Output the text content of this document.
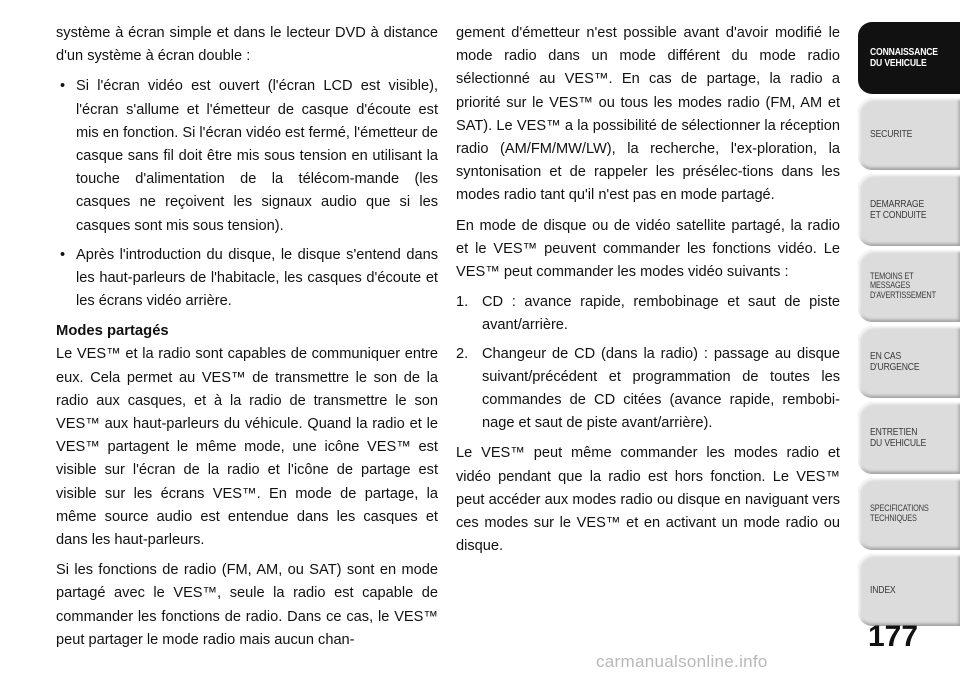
système à écran simple et dans le lecteur DVD à distance d'un système à écran double :

• Si l'écran vidéo est ouvert (l'écran LCD est visible), l'écran s'allume et l'émetteur de casque d'écoute est mis en fonction. Si l'écran vidéo est fermé, l'émetteur de casque sans fil doit être mis sous tension en utilisant la touche d'alimentation de la télécom-mande (les casques ne reçoivent les signaux audio que si les casques sont mis sous tension).
• Après l'introduction du disque, le disque s'entend dans les haut-parleurs de l'habitacle, les casques d'écoute et les écrans vidéo arrière.
Modes partagés

Le VES™ et la radio sont capables de communiquer entre eux. Cela permet au VES™ de transmettre le son de la radio aux casques, et à la radio de transmettre le son VES™ aux haut-parleurs du véhicule. Quand la radio et le VES™ partagent le même mode, une icône VES™ est visible sur l'écran de la radio et l'icône de partage est visible sur les écrans VES™. En mode de partage, la même source audio est entendue dans les casques et dans les haut-parleurs.

Si les fonctions de radio (FM, AM, ou SAT) sont en mode partagé avec le VES™, seule la radio est capable de commander les fonctions de radio. Dans ce cas, le VES™ peut partager le mode radio mais aucun chan-

gement d'émetteur n'est possible avant d'avoir modifié le mode radio dans un mode différent du mode radio sélectionné au VES™. En cas de partage, la radio a priorité sur le VES™ ou tous les modes radio (FM, AM et SAT). Le VES™ a la possibilité de sélectionner la réception radio (AM/FM/MW/LW), la recherche, l'ex-ploration, la syntonisation et de rappeler les présélec-tions dans les modes radio tant qu'il n'est pas en mode partagé.

En mode de disque ou de vidéo satellite partagé, la radio et le VES™ peuvent commander les fonctions vidéo. Le VES™ peut commander les modes vidéo suivants :

1. CD : avance rapide, rembobinage et saut de piste avant/arrière.
2. Changeur de CD (dans la radio) : passage au disque suivant/précédent et programmation de toutes les commandes de CD citées (avance rapide, rembobi-nage et saut de piste avant/arrière).

Le VES™ peut même commander les modes radio et vidéo pendant que la radio est hors fonction. Le VES™ peut accéder aux modes radio ou disque en naviguant vers ces modes sur le VES™ et en activant un mode radio ou disque.

CONNAISSANCE
DU VEHICULE
SECURITE
DEMARRAGE
ET CONDUITE
TEMOINS ET
MESSAGES
D'AVERTISSEMENT
EN CAS
D'URGENCE
ENTRETIEN
DU VEHICULE
SPECIFICATIONS
TECHNIQUES
INDEX
177
carmanualsonline.info
